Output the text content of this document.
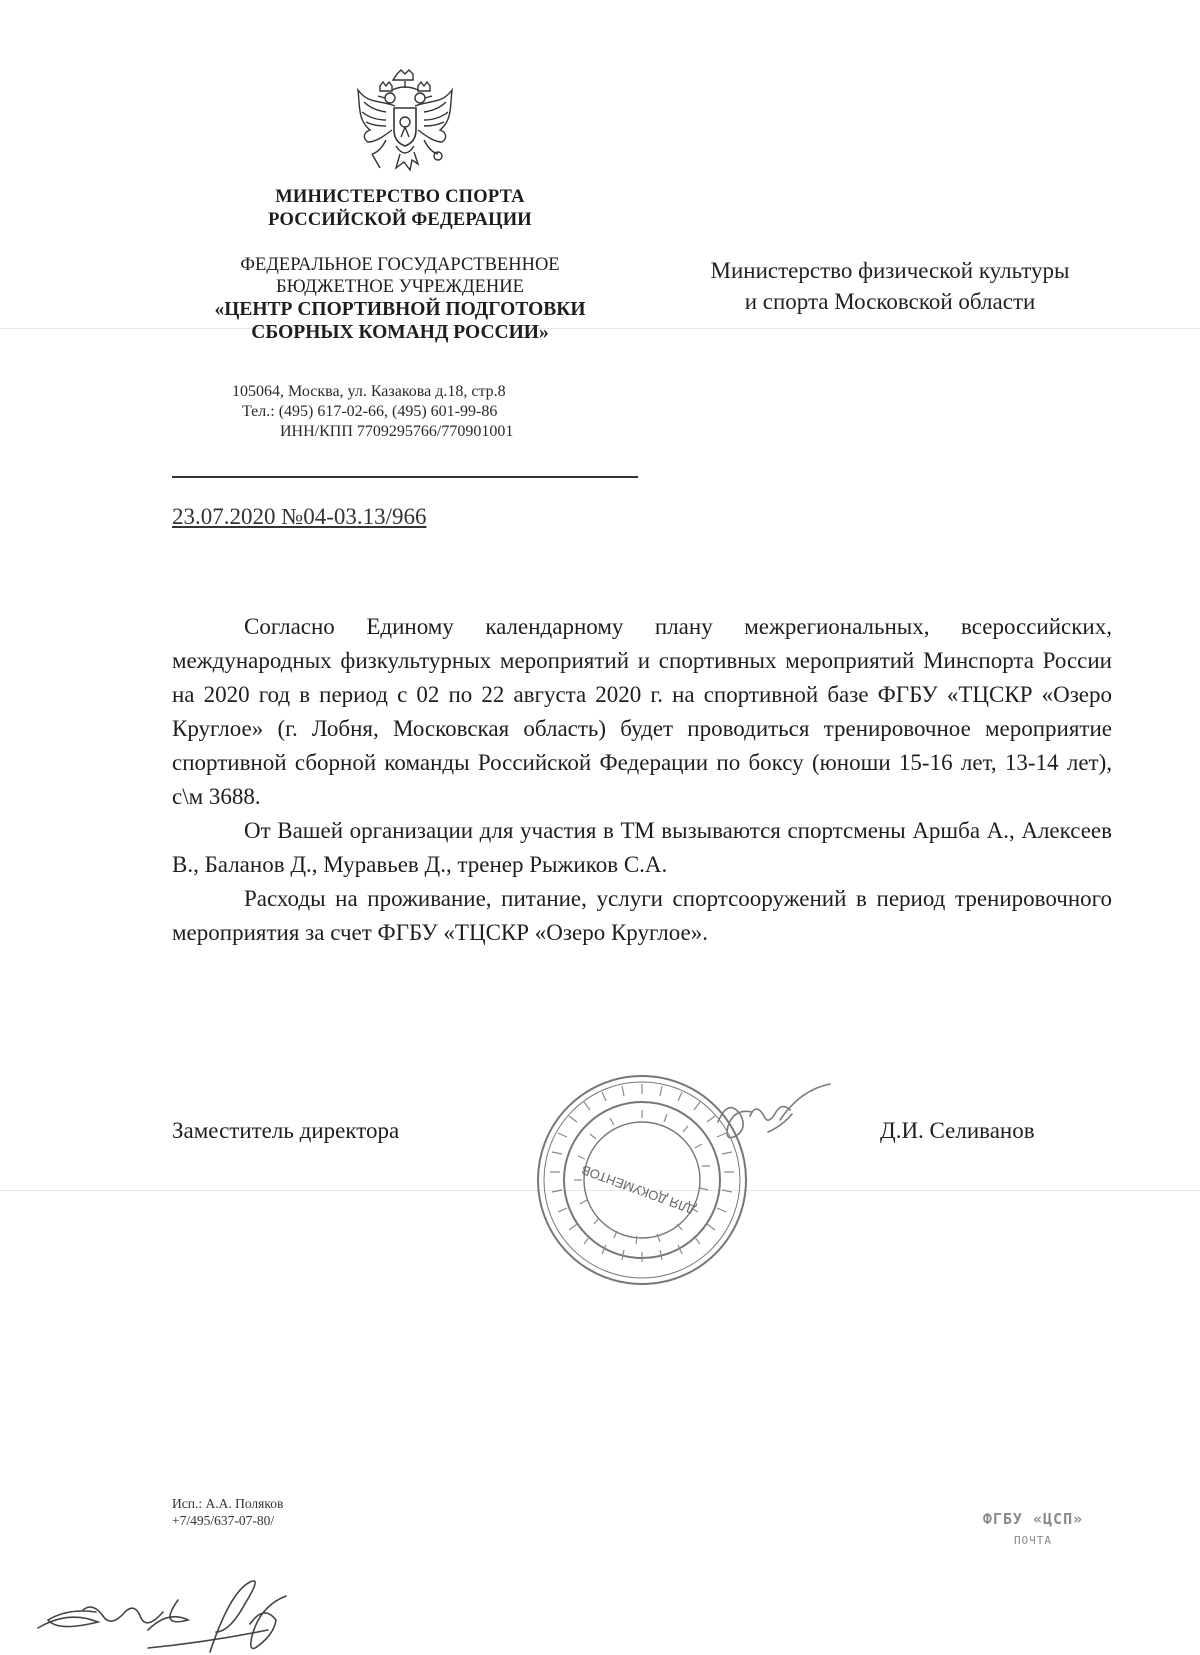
МИНИСТЕРСТВО СПОРТА
РОССИЙСКОЙ ФЕДЕРАЦИИ
ФЕДЕРАЛЬНОЕ ГОСУДАРСТВЕННОЕ
БЮДЖЕТНОЕ УЧРЕЖДЕНИЕ
«ЦЕНТР СПОРТИВНОЙ ПОДГОТОВКИ
СБОРНЫХ КОМАНД РОССИИ»
105064, Москва, ул. Казакова д.18, стр.8
Тел.: (495) 617-02-66, (495) 601-99-86
ИНН/КПП 7709295766/770901001
Министерство физической культуры
и спорта Московской области
23.07.2020 №04-03.13/966

Согласно Единому календарному плану межрегиональных, всероссийских, международных физкультурных мероприятий и спортивных мероприятий Минспорта России на 2020 год в период с 02 по 22 августа 2020 г. на спортивной базе ФГБУ «ТЦСКР «Озеро Круглое» (г. Лобня, Московская область) будет проводиться тренировочное мероприятие спортивной сборной команды Российской Федерации по боксу (юноши 15-16 лет, 13-14 лет), с\м 3688.

От Вашей организации для участия в ТМ вызываются спортсмены Аршба А., Алексеев В., Баланов Д., Муравьев Д., тренер Рыжиков С.А.

Расходы на проживание, питание, услуги спортсооружений в период тренировочного мероприятия за счет ФГБУ «ТЦСКР «Озеро Круглое».

Заместитель директора
ДЛЯ ДОКУМЕНТОВ
Д.И. Селиванов
Исп.: А.А. Поляков
+7/495/637-07-80/	ФГБУ «ЦСП»
ПОЧТА
